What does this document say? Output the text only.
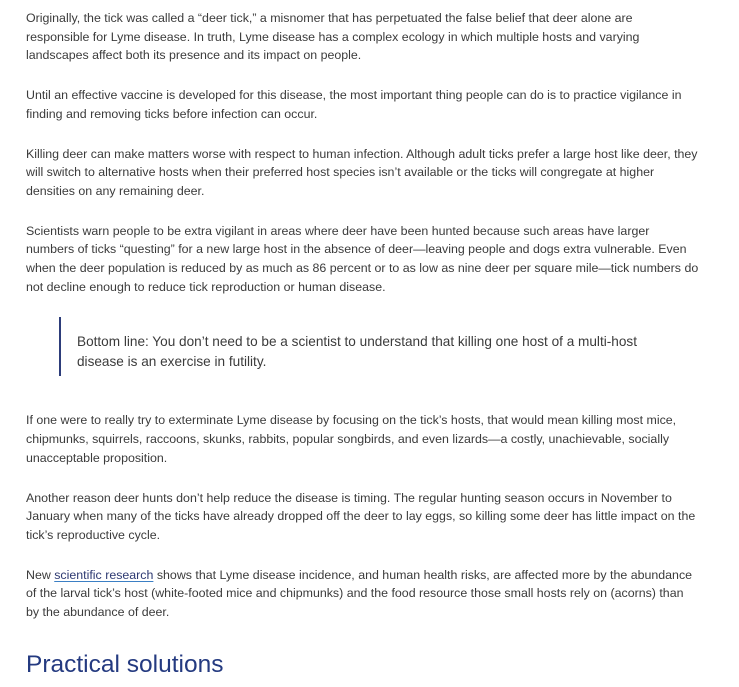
Originally, the tick was called a “deer tick,” a misnomer that has perpetuated the false belief that deer alone are responsible for Lyme disease. In truth, Lyme disease has a complex ecology in which multiple hosts and varying landscapes affect both its presence and its impact on people.

Until an effective vaccine is developed for this disease, the most important thing people can do is to practice vigilance in finding and removing ticks before infection can occur.

Killing deer can make matters worse with respect to human infection. Although adult ticks prefer a large host like deer, they will switch to alternative hosts when their preferred host species isn’t available or the ticks will congregate at higher densities on any remaining deer.

Scientists warn people to be extra vigilant in areas where deer have been hunted because such areas have larger numbers of ticks “questing” for a new large host in the absence of deer—leaving people and dogs extra vulnerable. Even when the deer population is reduced by as much as 86 percent or to as low as nine deer per square mile—tick numbers do not decline enough to reduce tick reproduction or human disease.

Bottom line: You don’t need to be a scientist to understand that killing one host of a multi-host disease is an exercise in futility.

If one were to really try to exterminate Lyme disease by focusing on the tick’s hosts, that would mean killing most mice, chipmunks, squirrels, raccoons, skunks, rabbits, popular songbirds, and even lizards—a costly, unachievable, socially unacceptable proposition.

Another reason deer hunts don’t help reduce the disease is timing. The regular hunting season occurs in November to January when many of the ticks have already dropped off the deer to lay eggs, so killing some deer has little impact on the tick’s reproductive cycle.

New scientific research shows that Lyme disease incidence, and human health risks, are affected more by the abundance of the larval tick’s host (white-footed mice and chipmunks) and the food resource those small hosts rely on (acorns) than by the abundance of deer.

Practical solutions
